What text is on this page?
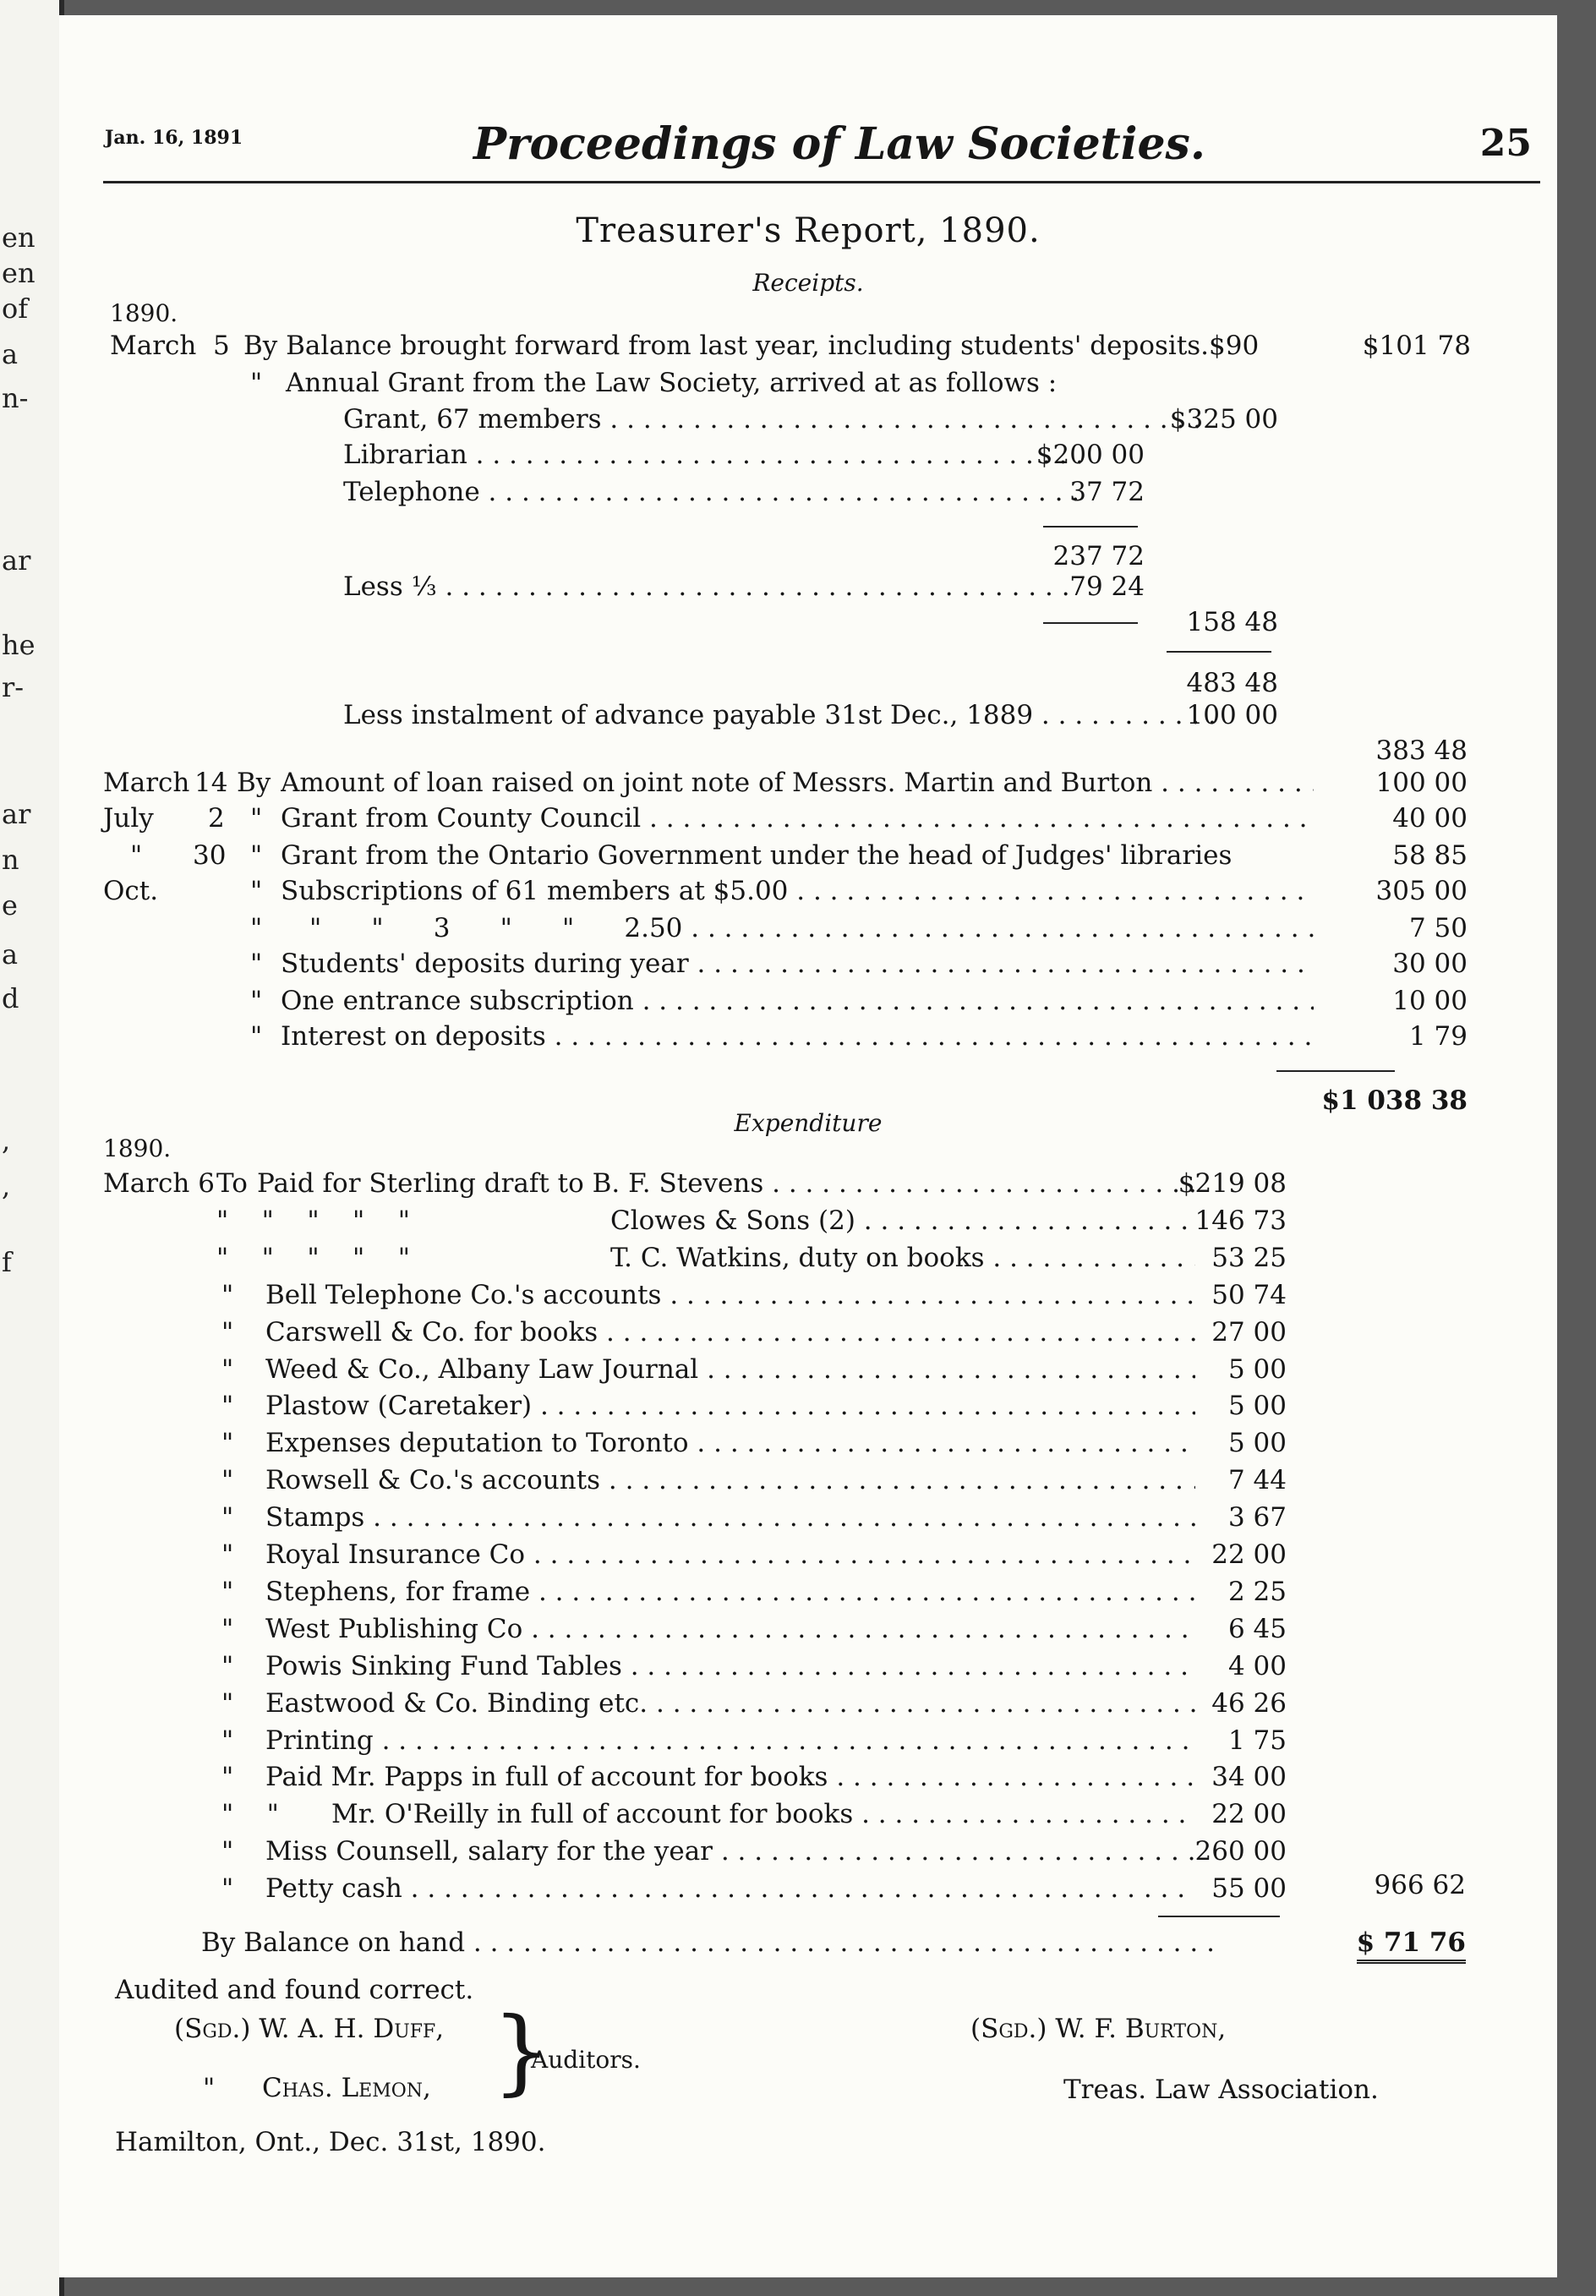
en
en
of
a
n-
ar
he
r-
ar
n
e
a
d
,
,
f
Jan. 16, 1891	Proceedings of Law Societies.	25
Treasurer's Report, 1890.
Receipts.
1890.
March 5 By Balance brought forward from last year, including students' deposits.$90	$101 78
" Annual Grant from the Law Society, arrived at as follows :
Grant, 67 members . . .	$325 00
Librarian . . .	$200 00
Telephone . . .	37 72
237 72
Less ⅓ . . .	79 24
158 48
483 48
Less instalment of advance payable 31st Dec., 1889 . . .	100 00
383 48
March 14 By Amount of loan raised on joint note of Messrs. Martin and Burton . . .	100 00
July 2 " Grant from County Council . . .	40 00
" 30 " Grant from the Ontario Government under the head of Judges' libraries	58 85
Oct.	" Subscriptions of 61 members at $5.00 . . .	305 00
" "      "      3      "      "      2.50 . . .	7 50
" Students' deposits during year . . .	30 00
" One entrance subscription . . .	10 00
" Interest on deposits . . .	1 79
$1 038 38
Expenditure
1890.
March 6 To Paid for Sterling draft to B. F. Stevens . . .	$219 08
"    "    "    "    "	Clowes & Sons (2) . . .	146 73
"    "    "    "    "	T. C. Watkins, duty on books . . .	53 25
" Bell Telephone Co.'s accounts . . .	50 74
" Carswell & Co. for books . . .	27 00
" Weed & Co., Albany Law Journal . . .	5 00
" Plastow (Caretaker) . . .	5 00
" Expenses deputation to Toronto . . .	5 00
" Rowsell & Co.'s accounts . . .	7 44
" Stamps . . .	3 67
" Royal Insurance Co . . .	22 00
" Stephens, for frame . . .	2 25
" West Publishing Co . . .	6 45
" Powis Sinking Fund Tables . . .	4 00
" Eastwood & Co. Binding etc. . . .	46 26
" Printing . . .	1 75
" Paid Mr. Papps in full of account for books . . .	34 00
"    " Mr. O'Reilly in full of account for books . . .	22 00
" Miss Counsell, salary for the year . . .	260 00
" Petty cash . . .	55 00	966 62
By Balance on hand . . .	$ 71 76
Audited and found correct.
(Sgd.) W. A. H. Duff,
" Chas. Lemon, }
Auditors.
(Sgd.) W. F. Burton,
Treas. Law Association.
Hamilton, Ont., Dec. 31st, 1890.
